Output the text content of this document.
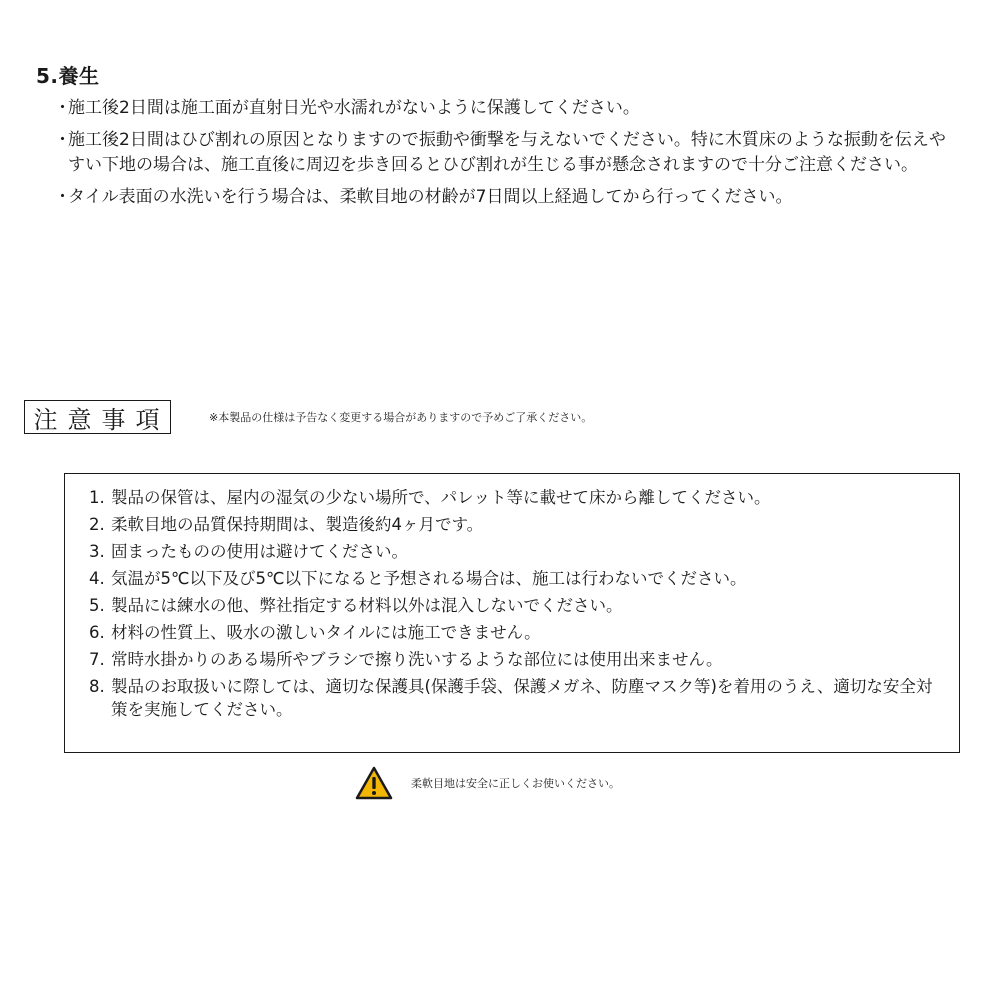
5.養生
・
施工後2日間は施工面が直射日光や水濡れがないように保護してください。
・
施工後2日間はひび割れの原因となりますので振動や衝撃を与えないでください。特に木質床のような振動を伝えやすい下地の場合は、施工直後に周辺を歩き回るとひび割れが生じる事が懸念されますので十分ご注意ください。
・
タイル表面の水洗いを行う場合は、柔軟目地の材齢が7日間以上経過してから行ってください。
注意事項	※本製品の仕様は予告なく変更する場合がありますので予めご了承ください。
1. 製品の保管は、屋内の湿気の少ない場所で、パレット等に載せて床から離してください。
2. 柔軟目地の品質保持期間は、製造後約4ヶ月です。
3. 固まったものの使用は避けてください。
4. 気温が5℃以下及び5℃以下になると予想される場合は、施工は行わないでください。
5. 製品には練水の他、弊社指定する材料以外は混入しないでください。
6. 材料の性質上、吸水の激しいタイルには施工できません。
7. 常時水掛かりのある場所やブラシで擦り洗いするような部位には使用出来ません。
8. 製品のお取扱いに際しては、適切な保護具(保護手袋、保護メガネ、防塵マスク等)を着用のうえ、適切な安全対策を実施してください。
柔軟目地は安全に正しくお使いください。
